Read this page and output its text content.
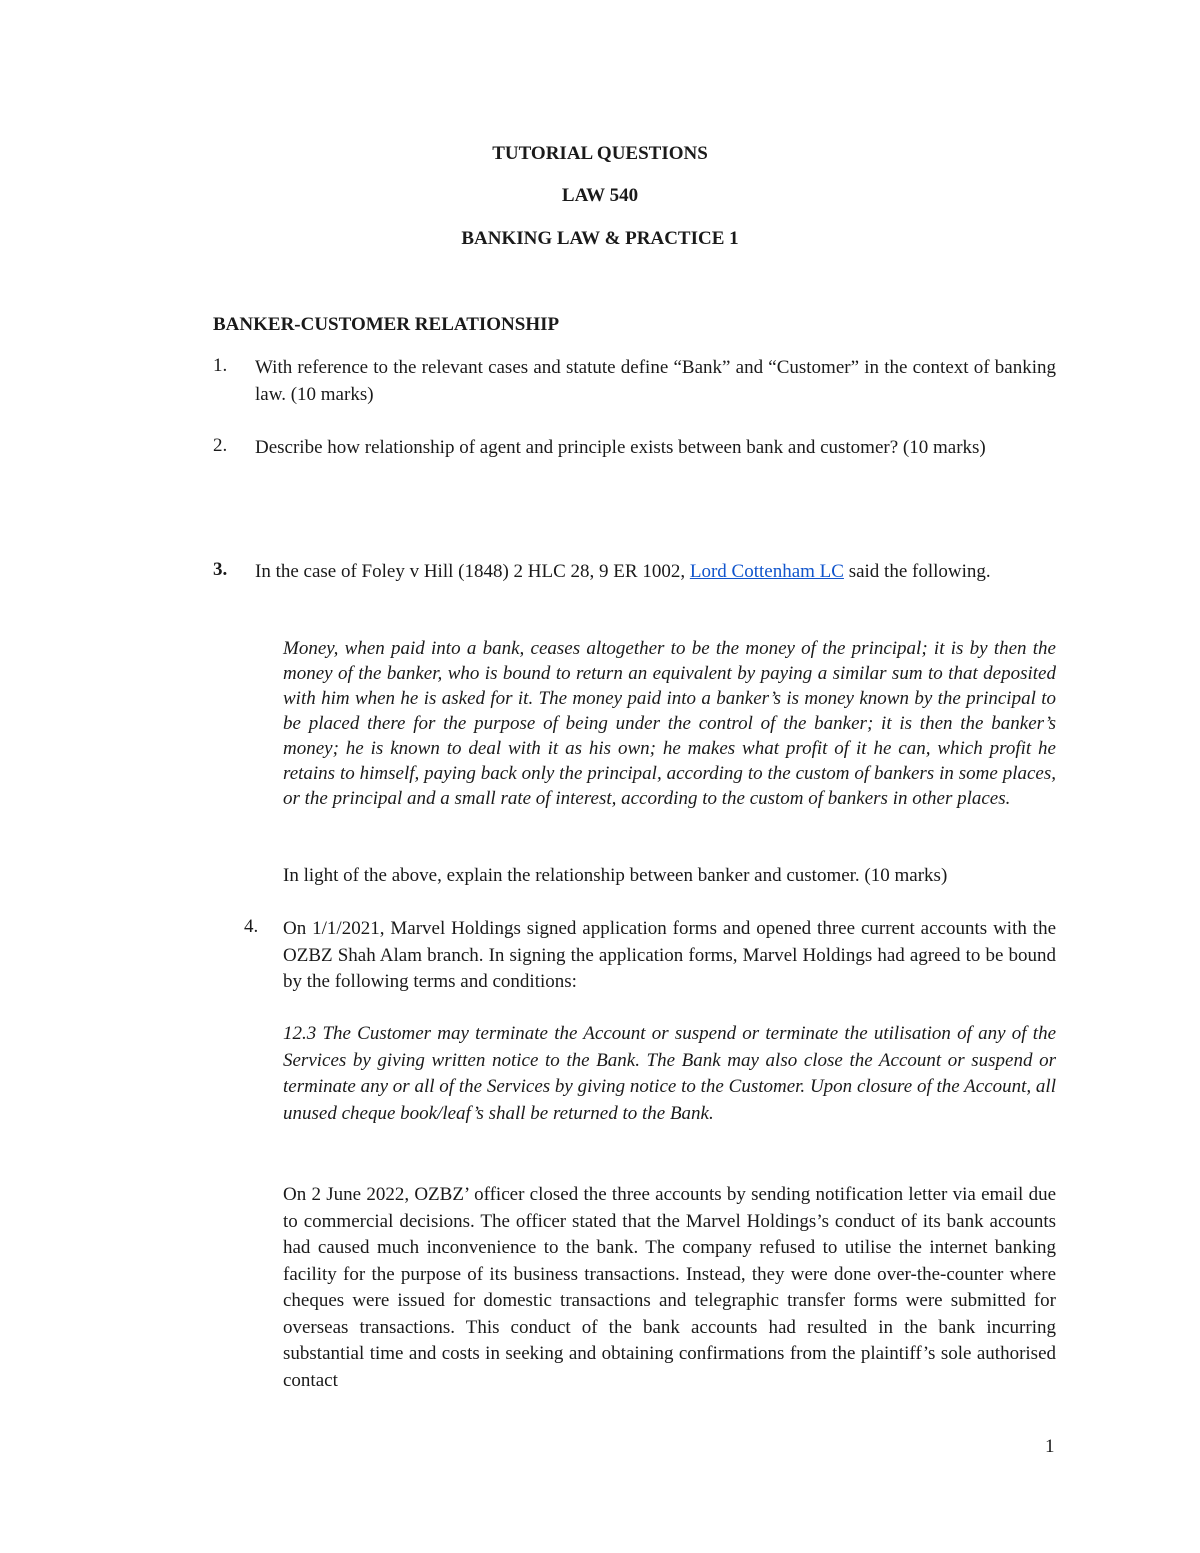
TUTORIAL QUESTIONS

LAW 540

BANKING LAW & PRACTICE 1

BANKER-CUSTOMER RELATIONSHIP

1. With reference to the relevant cases and statute define “Bank” and “Customer” in the context of banking law. (10 marks)

2. Describe how relationship of agent and principle exists between bank and customer? (10 marks)

3. In the case of Foley v Hill (1848) 2 HLC 28, 9 ER 1002, Lord Cottenham LC said the following.

Money, when paid into a bank, ceases altogether to be the money of the principal; it is by then the money of the banker, who is bound to return an equivalent by paying a similar sum to that deposited with him when he is asked for it. The money paid into a banker’s is money known by the principal to be placed there for the purpose of being under the control of the banker; it is then the banker’s money; he is known to deal with it as his own; he makes what profit of it he can, which profit he retains to himself, paying back only the principal, according to the custom of bankers in some places, or the principal and a small rate of interest, according to the custom of bankers in other places.

In light of the above, explain the relationship between banker and customer. (10 marks)

4. On 1/1/2021, Marvel Holdings signed application forms and opened three current accounts with the OZBZ Shah Alam branch. In signing the application forms, Marvel Holdings had agreed to be bound by the following terms and conditions:

12.3 The Customer may terminate the Account or suspend or terminate the utilisation of any of the Services by giving written notice to the Bank. The Bank may also close the Account or suspend or terminate any or all of the Services by giving notice to the Customer. Upon closure of the Account, all unused cheque book/leaf’s shall be returned to the Bank.

On 2 June 2022, OZBZ’ officer closed the three accounts by sending notification letter via email due to commercial decisions. The officer stated that the Marvel Holdings’s conduct of its bank accounts had caused much inconvenience to the bank. The company refused to utilise the internet banking facility for the purpose of its business transactions. Instead, they were done over-the-counter where cheques were issued for domestic transactions and telegraphic transfer forms were submitted for overseas transactions. This conduct of the bank accounts had resulted in the bank incurring substantial time and costs in seeking and obtaining confirmations from the plaintiff’s sole authorised contact

1
